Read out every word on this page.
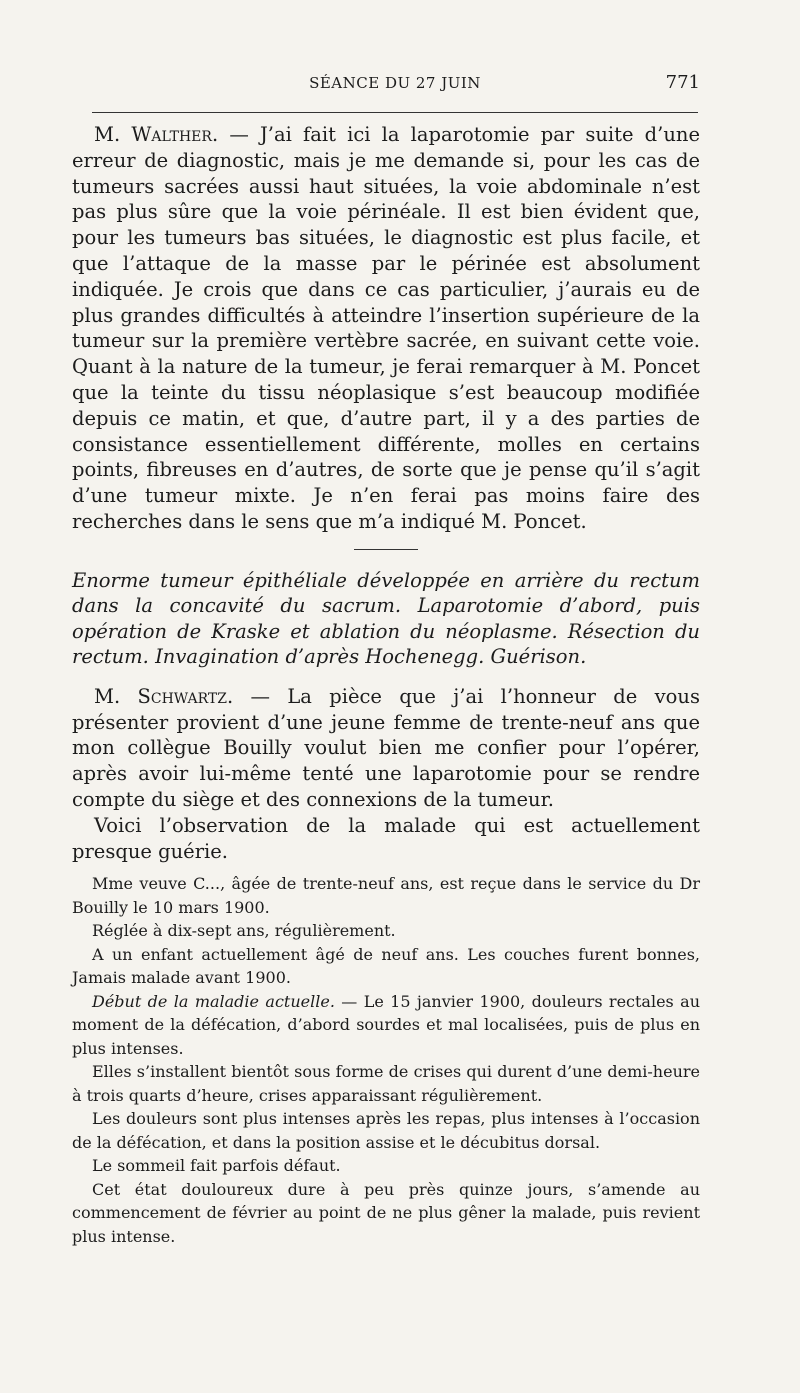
SÉANCE DU 27 JUIN	771

M. Walther. — J’ai fait ici la laparotomie par suite d’une erreur de diagnostic, mais je me demande si, pour les cas de tumeurs sacrées aussi haut situées, la voie abdominale n’est pas plus sûre que la voie périnéale. Il est bien évident que, pour les tumeurs bas situées, le diagnostic est plus facile, et que l’attaque de la masse par le périnée est absolument indiquée. Je crois que dans ce cas particulier, j’aurais eu de plus grandes difficultés à atteindre l’insertion supérieure de la tumeur sur la première vertèbre sacrée, en suivant cette voie. Quant à la nature de la tumeur, je ferai remarquer à M. Poncet que la teinte du tissu néoplasique s’est beaucoup modifiée depuis ce matin, et que, d’autre part, il y a des parties de consistance essentiellement différente, molles en certains points, fibreuses en d’autres, de sorte que je pense qu’il s’agit d’une tumeur mixte. Je n’en ferai pas moins faire des recherches dans le sens que m’a indiqué M. Poncet.

Enorme tumeur épithéliale développée en arrière du rectum dans la concavité du sacrum. Laparotomie d’abord, puis opération de Kraske et ablation du néoplasme. Résection du rectum. Invagination d’après Hochenegg. Guérison.

M. Schwartz. — La pièce que j’ai l’honneur de vous présenter provient d’une jeune femme de trente-neuf ans que mon collègue Bouilly voulut bien me confier pour l’opérer, après avoir lui-même tenté une laparotomie pour se rendre compte du siège et des connexions de la tumeur.

Voici l’observation de la malade qui est actuellement presque guérie.

Mme veuve C..., âgée de trente-neuf ans, est reçue dans le service du Dr Bouilly le 10 mars 1900.

Réglée à dix-sept ans, régulièrement.

A un enfant actuellement âgé de neuf ans. Les couches furent bonnes, Jamais malade avant 1900.

Début de la maladie actuelle. — Le 15 janvier 1900, douleurs rectales au moment de la défécation, d’abord sourdes et mal localisées, puis de plus en plus intenses.

Elles s’installent bientôt sous forme de crises qui durent d’une demi-heure à trois quarts d’heure, crises apparaissant régulièrement.

Les douleurs sont plus intenses après les repas, plus intenses à l’occasion de la défécation, et dans la position assise et le décubitus dorsal.

Le sommeil fait parfois défaut.

Cet état douloureux dure à peu près quinze jours, s’amende au commencement de février au point de ne plus gêner la malade, puis revient plus intense.
